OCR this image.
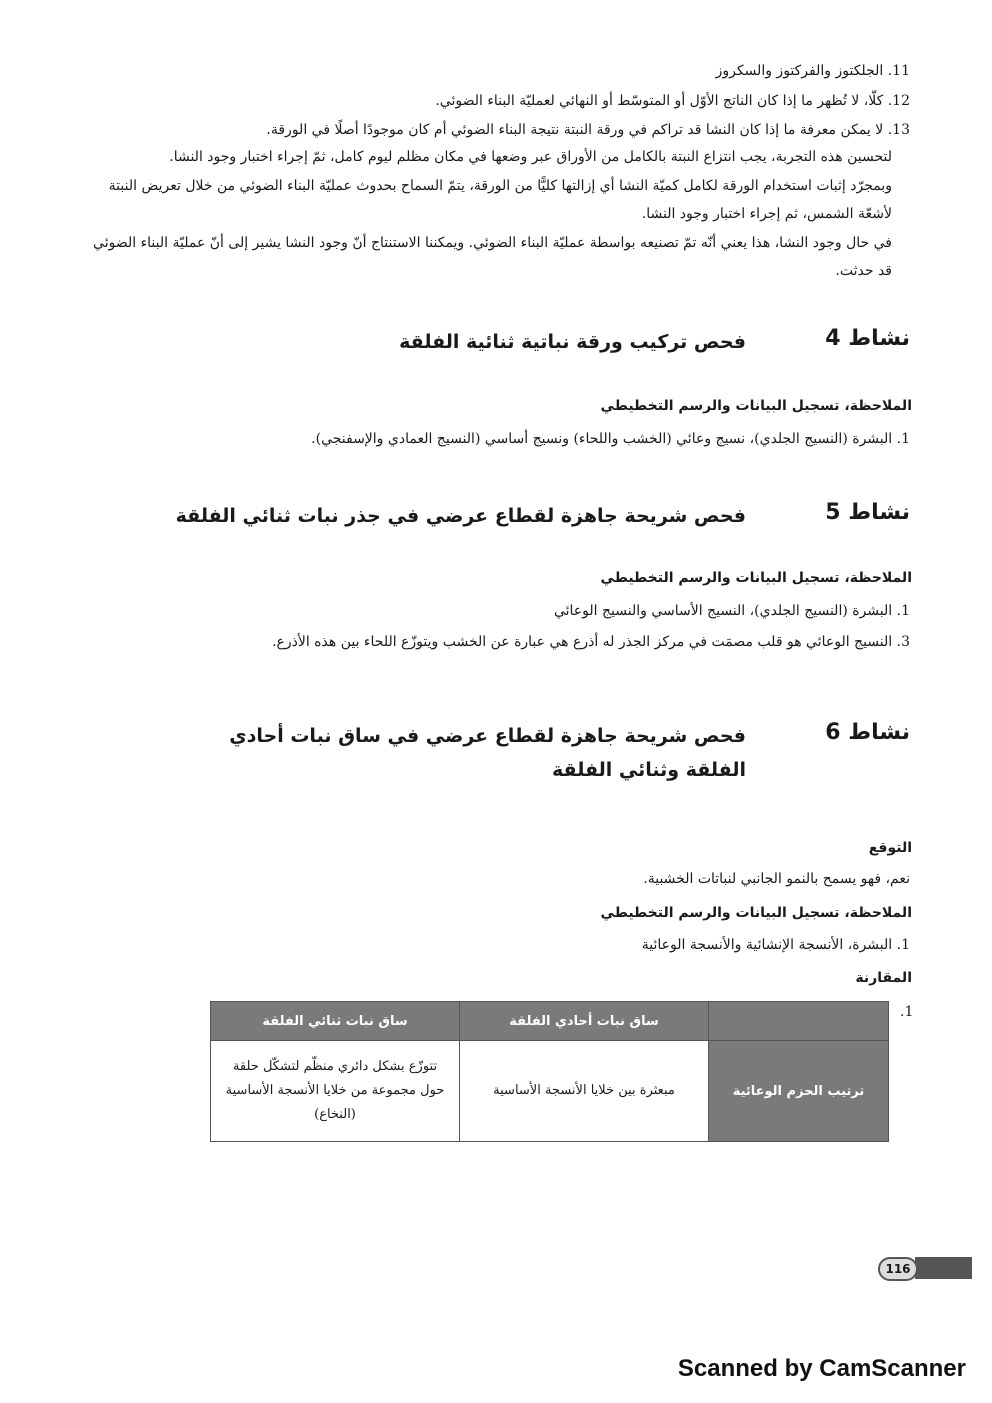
11. الجلكتوز والفركتوز والسكروز
12. كلّا، لا تُظهر ما إذا كان الناتج الأوّل أو المتوسّط أو النهائي لعمليّة البناء الضوئي.
13. لا يمكن معرفة ما إذا كان النشا قد تراكم في ورقة النبتة نتيجة البناء الضوئي أم كان موجودًا أصلًا في الورقة.
لتحسين هذه التجربة، يجب انتزاع النبتة بالكامل من الأوراق عبر وضعها في مكان مظلم ليوم كامل، ثمّ إجراء اختبار وجود النشا.
وبمجرّد إثبات استخدام الورقة لكامل كميّة النشا أي إزالتها كليًّا من الورقة، يتمّ السماح بحدوث عمليّة البناء الضوئي من خلال تعريض النبتة لأشعّة الشمس، ثم إجراء اختبار وجود النشا.
في حال وجود النشا، هذا يعني أنّه تمّ تصنيعه بواسطة عمليّة البناء الضوئي. ويمكننا الاستنتاج أنّ وجود النشا يشير إلى أنّ عمليّة البناء الضوئي قد حدثت.
نشاط 4
فحص تركيب ورقة نباتية ثنائية الفلقة
الملاحظة، تسجيل البيانات والرسم التخطيطي
1. البشرة (النسيج الجلدي)، نسيج وعائي (الخشب واللحاء) ونسيج أساسي (النسيج العمادي والإسفنجي).
نشاط 5
فحص شريحة جاهزة لقطاع عرضي في جذر نبات ثنائي الفلقة
الملاحظة، تسجيل البيانات والرسم التخطيطي
1. البشرة (النسيج الجلدي)، النسيج الأساسي والنسيج الوعائي
3. النسيج الوعائي هو قلب مصمَت في مركز الجذر له أذرع هي عبارة عن الخشب ويتوزّع اللحاء بين هذه الأذرع.
نشاط 6
فحص شريحة جاهزة لقطاع عرضي في ساق نبات أحادي الفلقة وثنائي الفلقة
التوقع
نعم، فهو يسمح بالنمو الجانبي لنباتات الخشبية.
الملاحظة، تسجيل البيانات والرسم التخطيطي
1. البشرة، الأنسجة الإنشائية والأنسجة الوعائية
المقارنة
.1
	ساق نبات أحادي الفلقة	ساق نبات ثنائي الفلقة
ترتيب الحزم الوعائية	مبعثرة بين خلايا الأنسجة الأساسية	تتوزّع بشكل دائري منظّم لتشكّل حلقة حول مجموعة من خلايا الأنسجة الأساسية (النخاع)
116
Scanned by CamScanner
